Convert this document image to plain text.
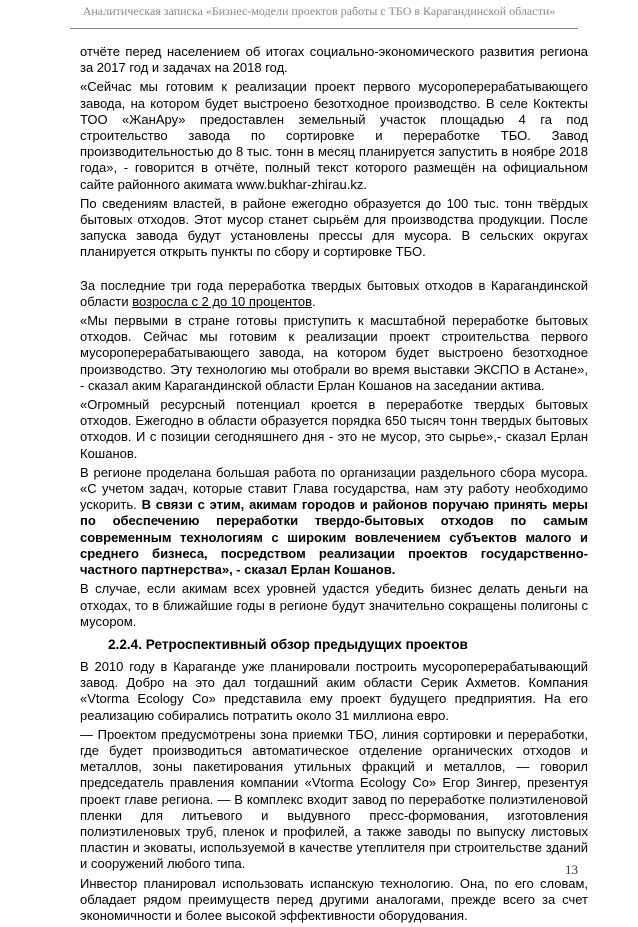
Аналитическая записка «Бизнес-модели проектов работы с ТБО в Карагандинской области»

отчёте перед населением об итогах социально-экономического развития региона за 2017 год и задачах на 2018 год.

«Сейчас мы готовим к реализации проект первого мусороперерабатывающего завода, на котором будет выстроено безотходное производство. В селе Коктекты ТОО «ЖанАру» предоставлен земельный участок площадью 4 га под строительство завода по сортировке и переработке ТБО. Завод производительностью до 8 тыс. тонн в месяц планируется запустить в ноябре 2018 года», - говорится в отчёте, полный текст которого размещён на официальном сайте районного акимата www.bukhar-zhirau.kz.

По сведениям властей, в районе ежегодно образуется до 100 тыс. тонн твёрдых бытовых отходов. Этот мусор станет сырьём для производства продукции. После запуска завода будут установлены прессы для мусора. В сельских округах планируется открыть пункты по сбору и сортировке ТБО.

За последние три года переработка твердых бытовых отходов в Карагандинской области возросла с 2 до 10 процентов.

«Мы первыми в стране готовы приступить к масштабной переработке бытовых отходов. Сейчас мы готовим к реализации проект строительства первого мусороперерабатывающего завода, на котором будет выстроено безотходное производство. Эту технологию мы отобрали во время выставки ЭКСПО в Астане», - сказал аким Карагандинской области Ерлан Кошанов на заседании актива.

«Огромный ресурсный потенциал кроется в переработке твердых бытовых отходов. Ежегодно в области образуется порядка 650 тысяч тонн твердых бытовых отходов. И с позиции сегодняшнего дня - это не мусор, это сырье»,- сказал Ерлан Кошанов.

В регионе проделана большая работа по организации раздельного сбора мусора. «С учетом задач, которые ставит Глава государства, нам эту работу необходимо ускорить. В связи с этим, акимам городов и районов поручаю принять меры по обеспечению переработки твердо-бытовых отходов по самым современным технологиям с широким вовлечением субъектов малого и среднего бизнеса, посредством реализации проектов государственно-частного партнерства», - сказал Ерлан Кошанов.

В случае, если акимам всех уровней удастся убедить бизнес делать деньги на отходах, то в ближайшие годы в регионе будут значительно сокращены полигоны с мусором.

2.2.4. Ретроспективный обзор предыдущих проектов

В 2010 году в Караганде уже планировали построить мусороперерабатывающий завод. Добро на это дал тогдашний аким области Серик Ахметов. Компания «Vtorma Ecology Co» представила ему проект будущего предприятия. На его реализацию собирались потратить около 31 миллиона евро.

— Проектом предусмотрены зона приемки ТБО, линия сортировки и переработки, где будет производиться автоматическое отделение органических отходов и металлов, зоны пакетирования утильных фракций и металлов, — говорил председатель правления компании «Vtorma Ecology Co» Егор Зингер, презентуя проект главе региона. — В комплекс входит завод по переработке полиэтиленовой пленки для литьевого и выдувного пресс-формования, изготовления полиэтиленовых труб, пленок и профилей, а также заводы по выпуску листовых пластин и эковаты, используемой в качестве утеплителя при строительстве зданий и сооружений любого типа.

Инвестор планировал использовать испанскую технологию. Она, по его словам, обладает рядом преимуществ перед другими аналогами, прежде всего за счет экономичности и более высокой эффективности оборудования.

13
